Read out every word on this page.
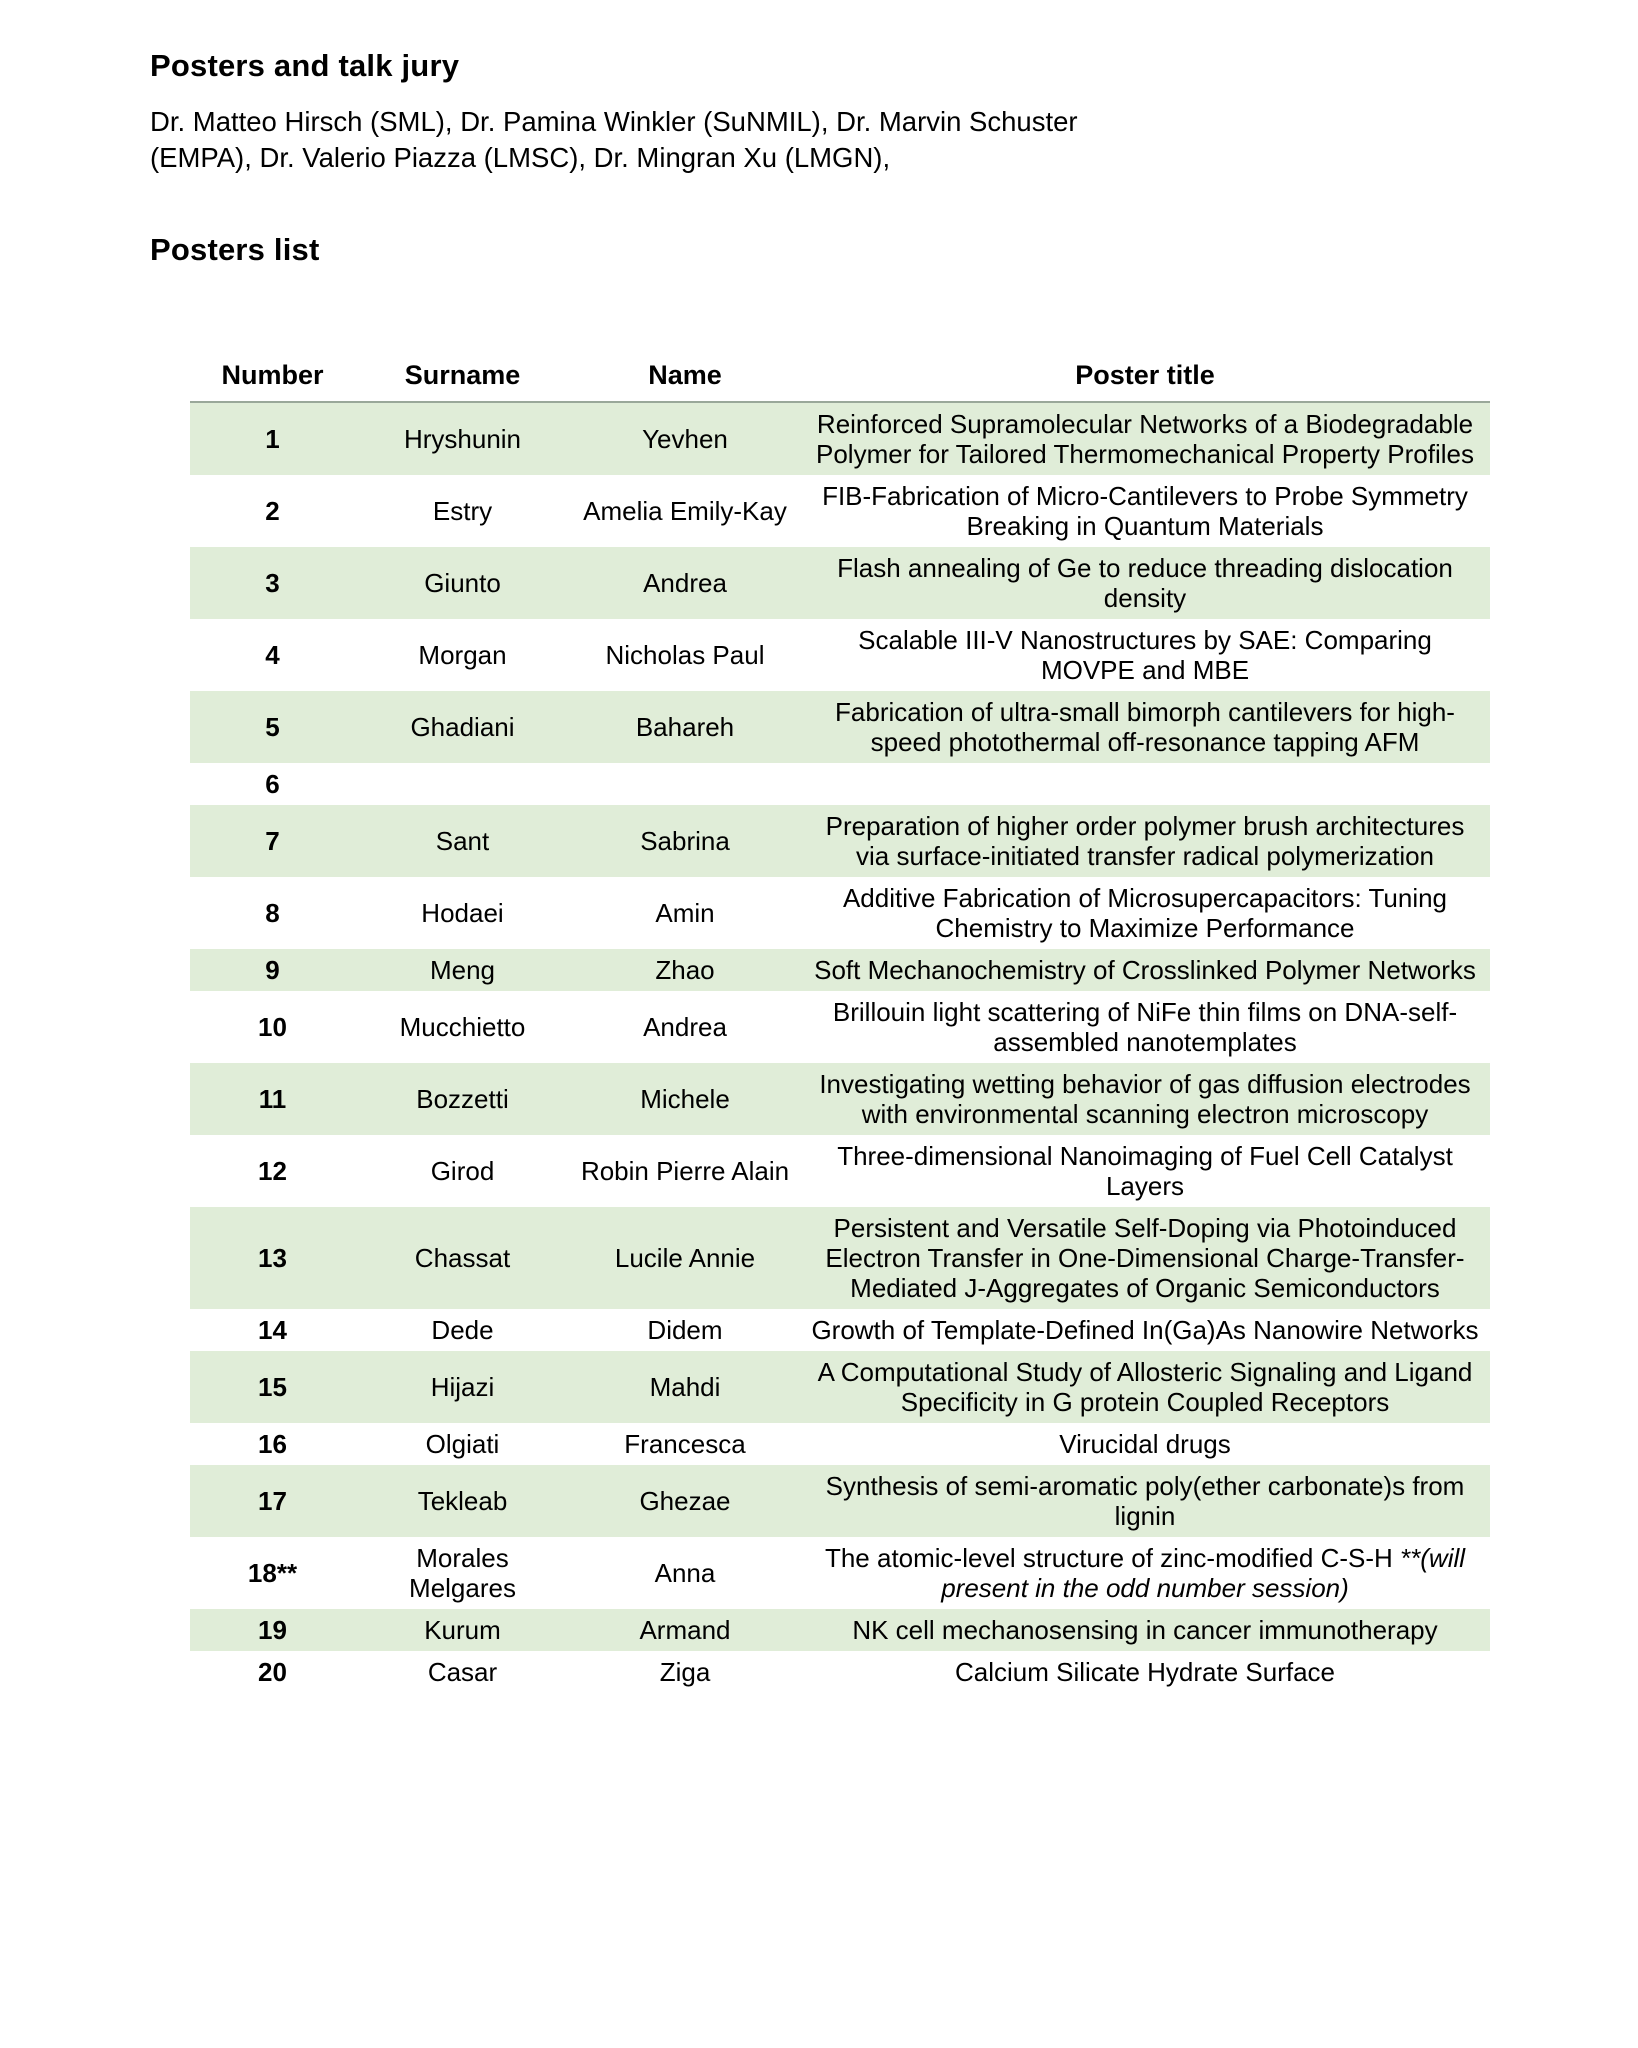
Posters and talk jury

Dr. Matteo Hirsch (SML), Dr. Pamina Winkler (SuNMIL), Dr. Marvin Schuster (EMPA), Dr. Valerio Piazza (LMSC), Dr. Mingran Xu (LMGN),

Posters list
Number	Surname	Name	Poster title
1	Hryshunin	Yevhen	Reinforced Supramolecular Networks of a Biodegradable Polymer for Tailored Thermomechanical Property Profiles
2	Estry	Amelia Emily-Kay	FIB-Fabrication of Micro-Cantilevers to Probe Symmetry Breaking in Quantum Materials
3	Giunto	Andrea	Flash annealing of Ge to reduce threading dislocation density
4	Morgan	Nicholas Paul	Scalable III-V Nanostructures by SAE: Comparing MOVPE and MBE
5	Ghadiani	Bahareh	Fabrication of ultra-small bimorph cantilevers for high-speed photothermal off-resonance tapping AFM
6			
7	Sant	Sabrina	Preparation of higher order polymer brush architectures via surface-initiated transfer radical polymerization
8	Hodaei	Amin	Additive Fabrication of Microsupercapacitors: Tuning Chemistry to Maximize Performance
9	Meng	Zhao	Soft Mechanochemistry of Crosslinked Polymer Networks
10	Mucchietto	Andrea	Brillouin light scattering of NiFe thin films on DNA-self-assembled nanotemplates
11	Bozzetti	Michele	Investigating wetting behavior of gas diffusion electrodes with environmental scanning electron microscopy
12	Girod	Robin Pierre Alain	Three-dimensional Nanoimaging of Fuel Cell Catalyst Layers
13	Chassat	Lucile Annie	Persistent and Versatile Self-Doping via Photoinduced Electron Transfer in One-Dimensional Charge-Transfer-Mediated J-Aggregates of Organic Semiconductors
14	Dede	Didem	Growth of Template-Defined In(Ga)As Nanowire Networks
15	Hijazi	Mahdi	A Computational Study of Allosteric Signaling and Ligand Specificity in G protein Coupled Receptors
16	Olgiati	Francesca	Virucidal drugs
17	Tekleab	Ghezae	Synthesis of semi-aromatic poly(ether carbonate)s from lignin
18**	Morales Melgares	Anna	The atomic-level structure of zinc-modified C-S-H **(will present in the odd number session)
19	Kurum	Armand	NK cell mechanosensing in cancer immunotherapy
20	Casar	Ziga	Calcium Silicate Hydrate Surface
